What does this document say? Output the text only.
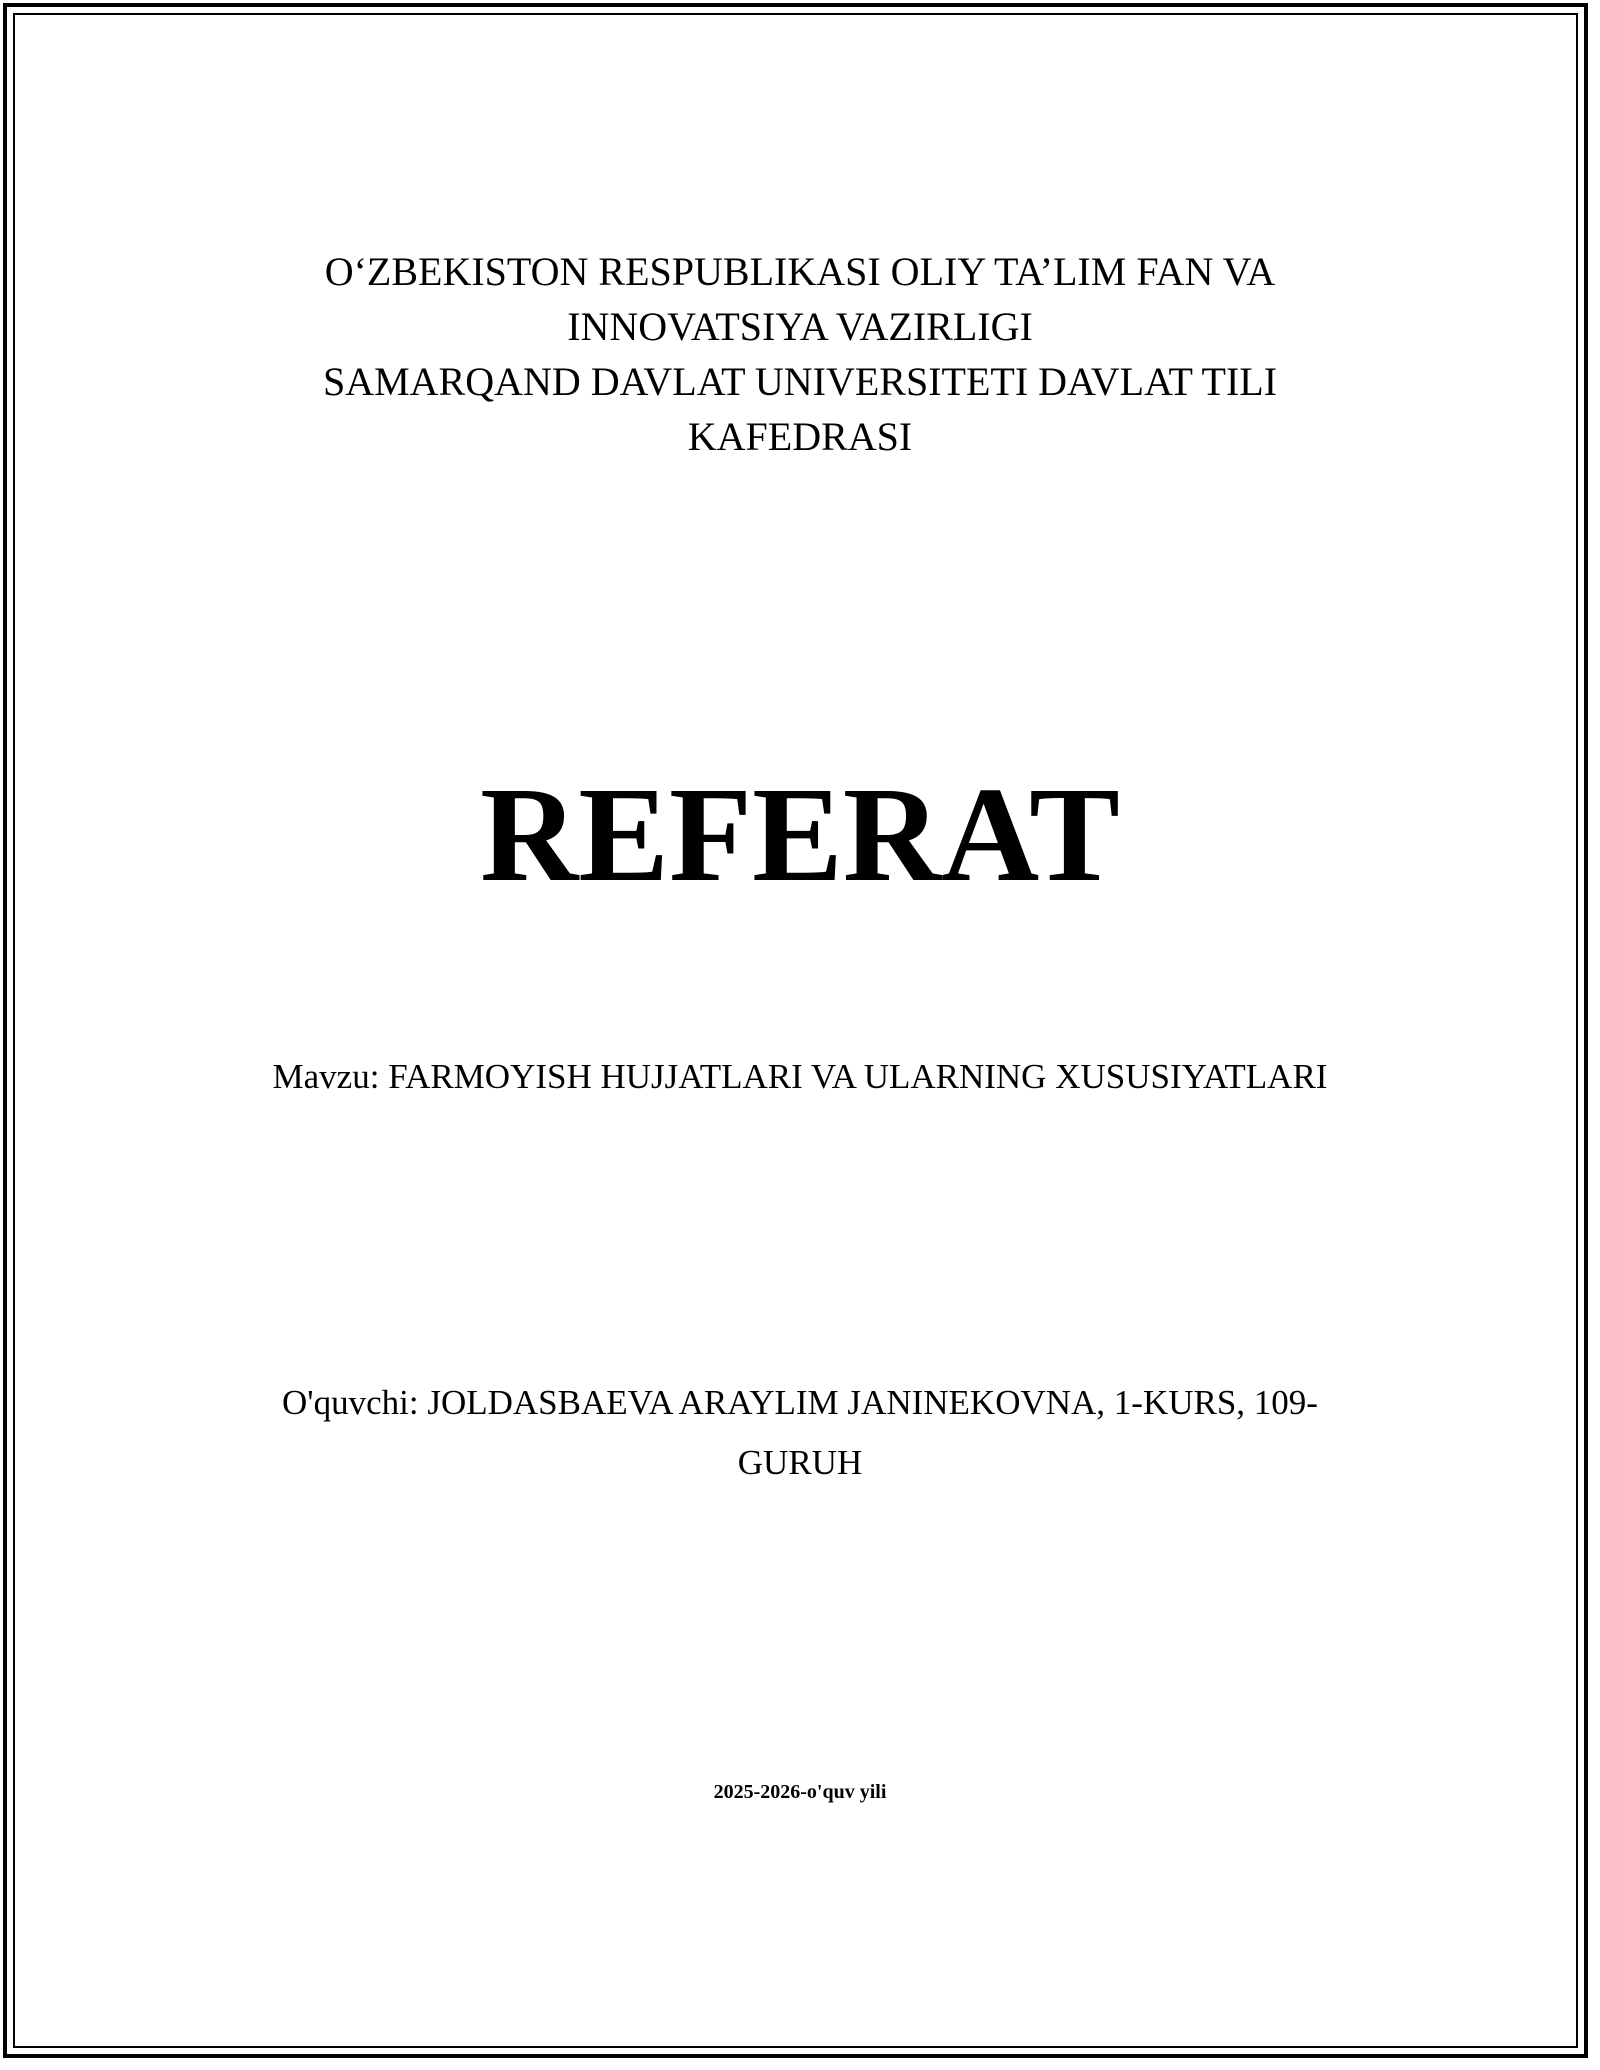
O‘ZBEKISTON RESPUBLIKASI OLIY TA’LIM FAN VA
INNOVATSIYA VAZIRLIGI
SAMARQAND DAVLAT UNIVERSITETI DAVLAT TILI
KAFEDRASI
REFERAT
Mavzu: FARMOYISH HUJJATLARI VA ULARNING XUSUSIYATLARI
O'quvchi: JOLDASBAEVA ARAYLIM JANINEKOVNA, 1-KURS, 109-
GURUH
2025-2026-o'quv yili
